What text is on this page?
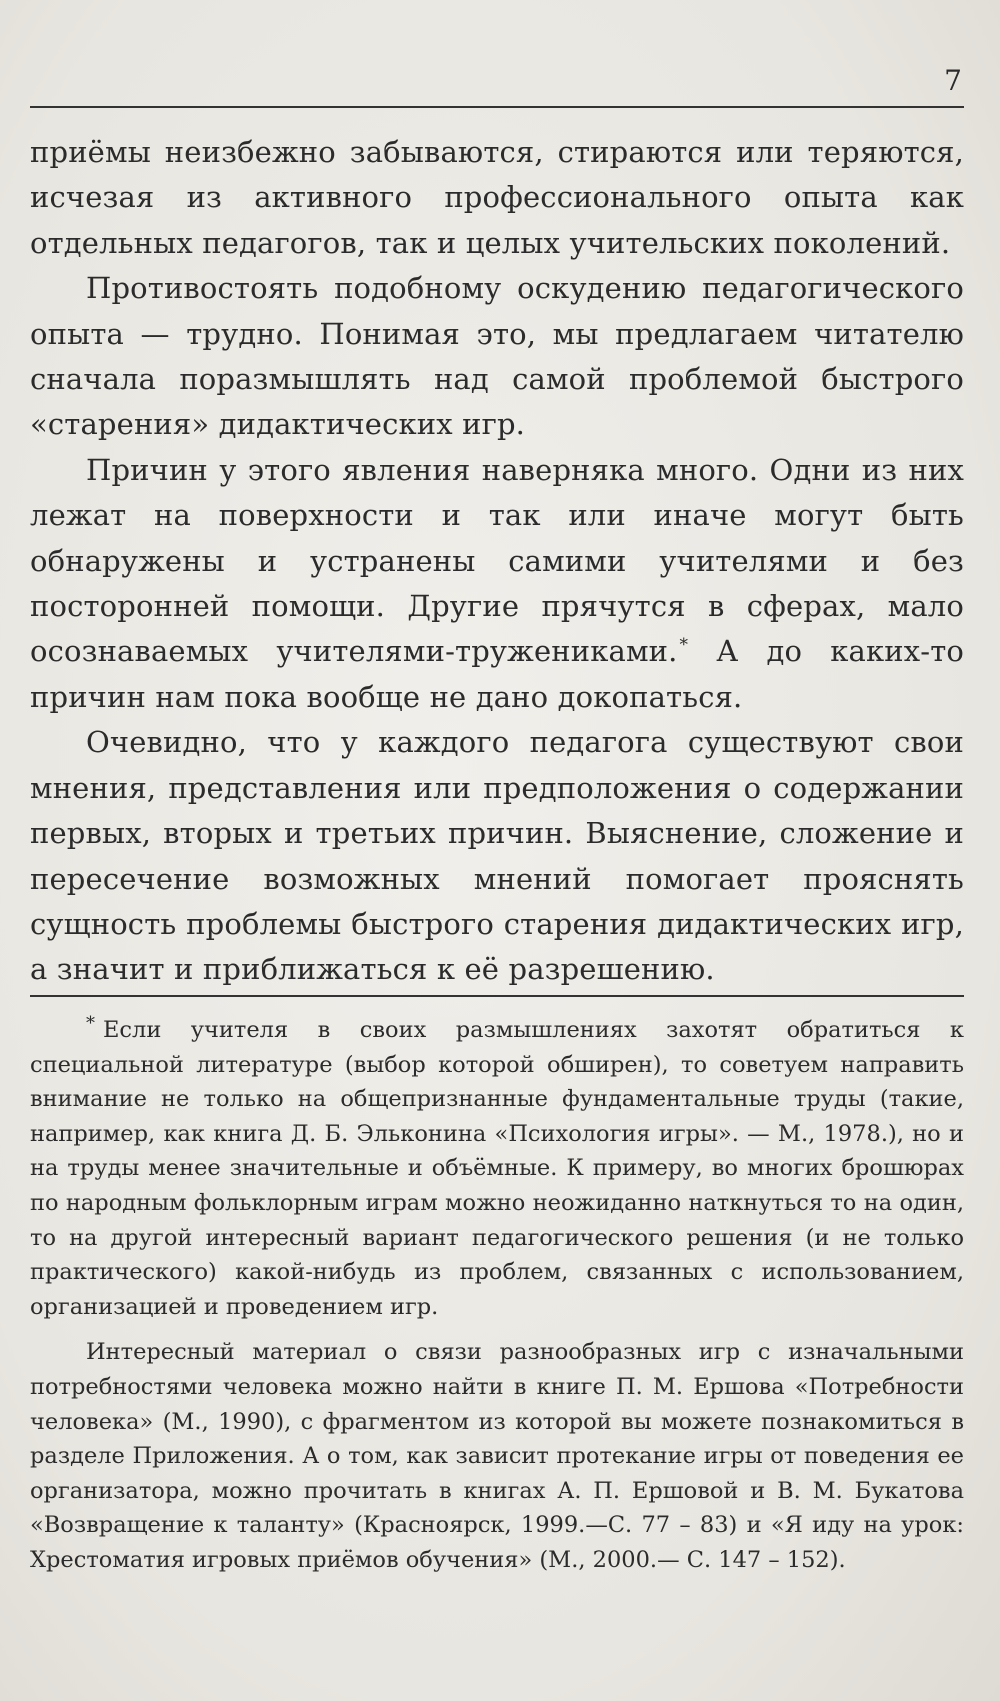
7

приёмы неизбежно забываются, стираются или теряются, исчезая из активного профессионального опыта как отдельных педагогов, так и целых учительских поколений.

Противостоять подобному оскудению педагогического опыта — трудно. Понимая это, мы предлагаем читателю сначала поразмышлять над самой проблемой быстрого «старения» дидактических игр.

Причин у этого явления наверняка много. Одни из них лежат на поверхности и так или иначе могут быть обнаружены и устранены самими учителями и без посторонней помощи. Другие прячутся в сферах, мало осознаваемых учителями-тружениками. * А до каких-то причин нам пока вообще не дано докопаться.

Очевидно, что у каждого педагога существуют свои мнения, представления или предположения о содержании первых, вторых и третьих причин. Выяснение, сложение и пересечение возможных мнений помогает прояснять сущность проблемы быстрого старения дидактических игр, а значит и приближаться к её разрешению.

* Если учителя в своих размышлениях захотят обратиться к специальной литературе (выбор которой обширен), то советуем направить внимание не только на общепризнанные фундаментальные труды (такие, например, как книга Д. Б. Эльконина «Психология игры». — М., 1978.), но и на труды менее значительные и объёмные. К примеру, во многих брошюрах по народным фольклорным играм можно неожиданно наткнуться то на один, то на другой интересный вариант педагогического решения (и не только практического) какой-нибудь из проблем, связанных с использованием, организацией и проведением игр.

Интересный материал о связи разнообразных игр с изначальными потребностями человека можно найти в книге П. М. Ершова «Потребности человека» (М., 1990), с фрагментом из которой вы можете познакомиться в разделе Приложения. А о том, как зависит протекание игры от поведения ее организатора, можно прочитать в книгах А. П. Ершовой и В. М. Букатова «Возвращение к таланту» (Красноярск, 1999.—С. 77 – 83) и «Я иду на урок: Хрестоматия игровых приёмов обучения» (М., 2000.— С. 147 – 152).
